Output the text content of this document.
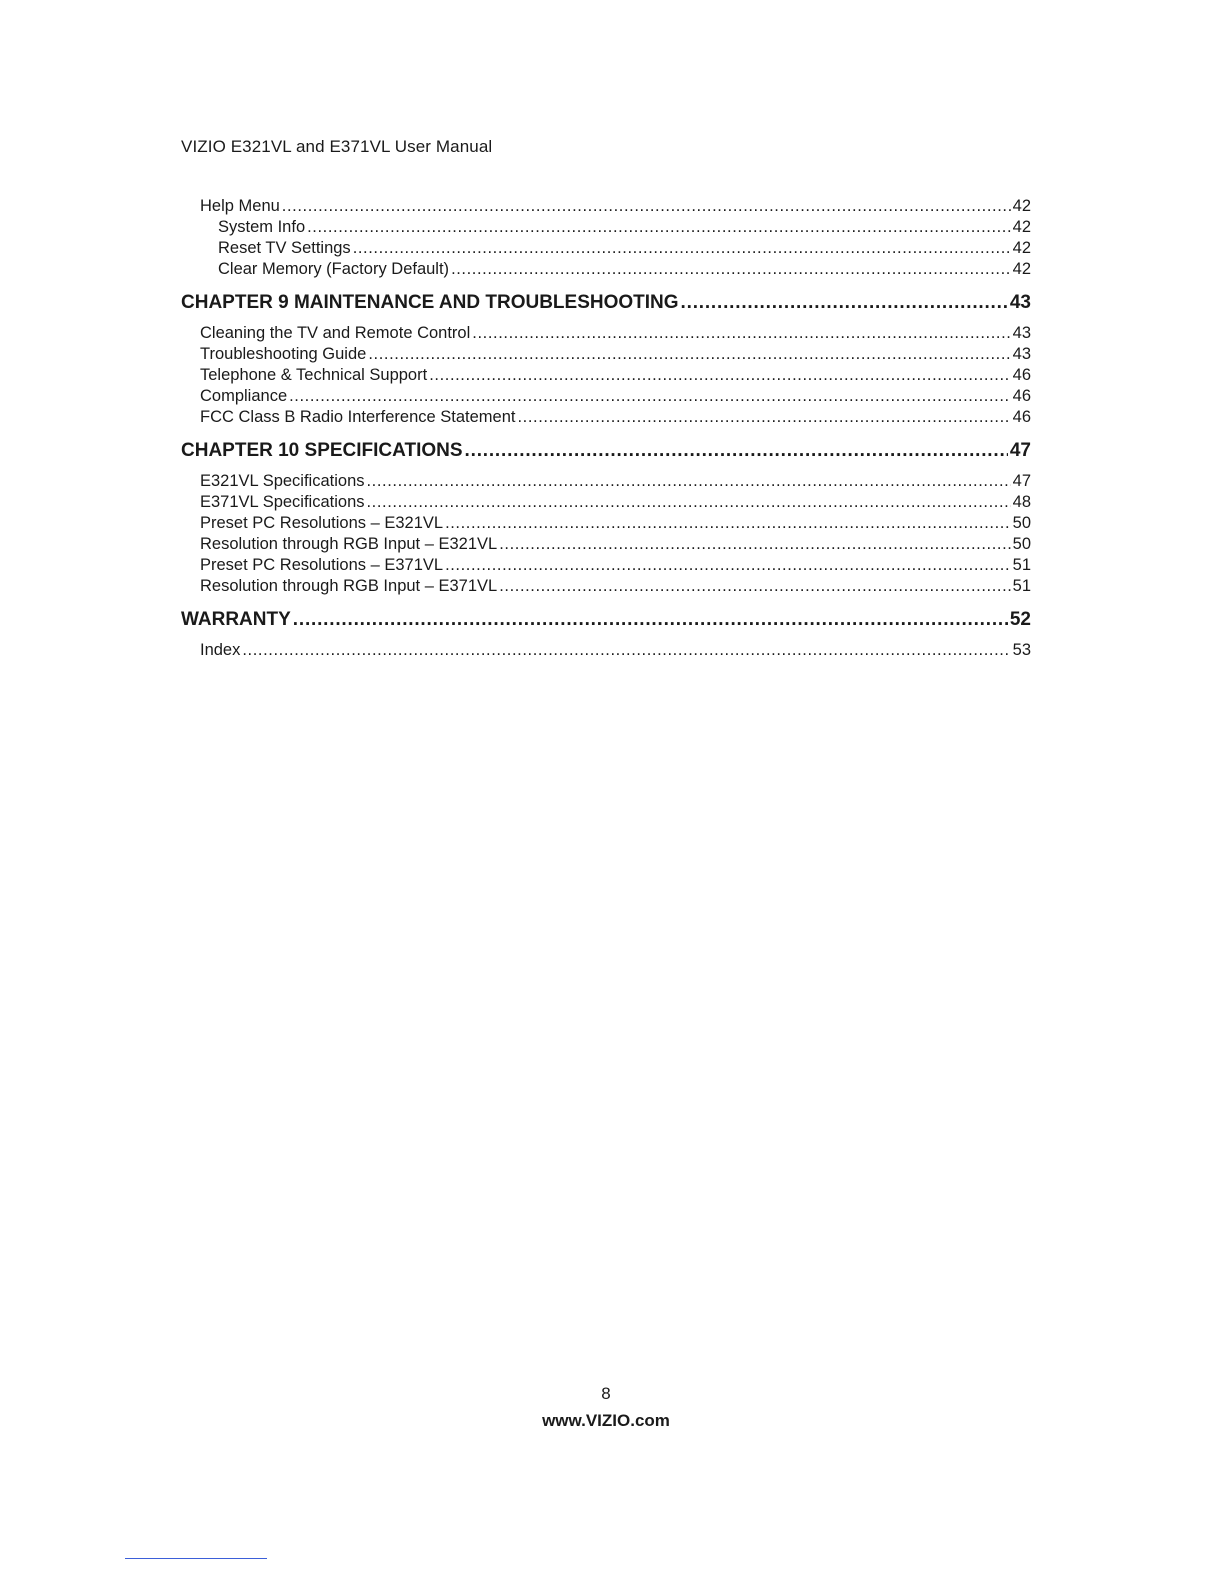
VIZIO E321VL and E371VL User Manual
Help Menu .....	42
System Info .....	42
Reset TV Settings .....	42
Clear Memory (Factory Default) .....	42
CHAPTER 9 MAINTENANCE AND TROUBLESHOOTING .....	43
Cleaning the TV and Remote Control .....	43
Troubleshooting Guide .....	43
Telephone & Technical Support .....	46
Compliance .....	46
FCC Class B Radio Interference Statement .....	46
CHAPTER 10 SPECIFICATIONS .....	47
E321VL Specifications .....	47
E371VL Specifications .....	48
Preset PC Resolutions – E321VL .....	50
Resolution through RGB Input – E321VL .....	50
Preset PC Resolutions – E371VL .....	51
Resolution through RGB Input – E371VL .....	51
WARRANTY .....	52
Index .....	53
8
www.VIZIO.com
